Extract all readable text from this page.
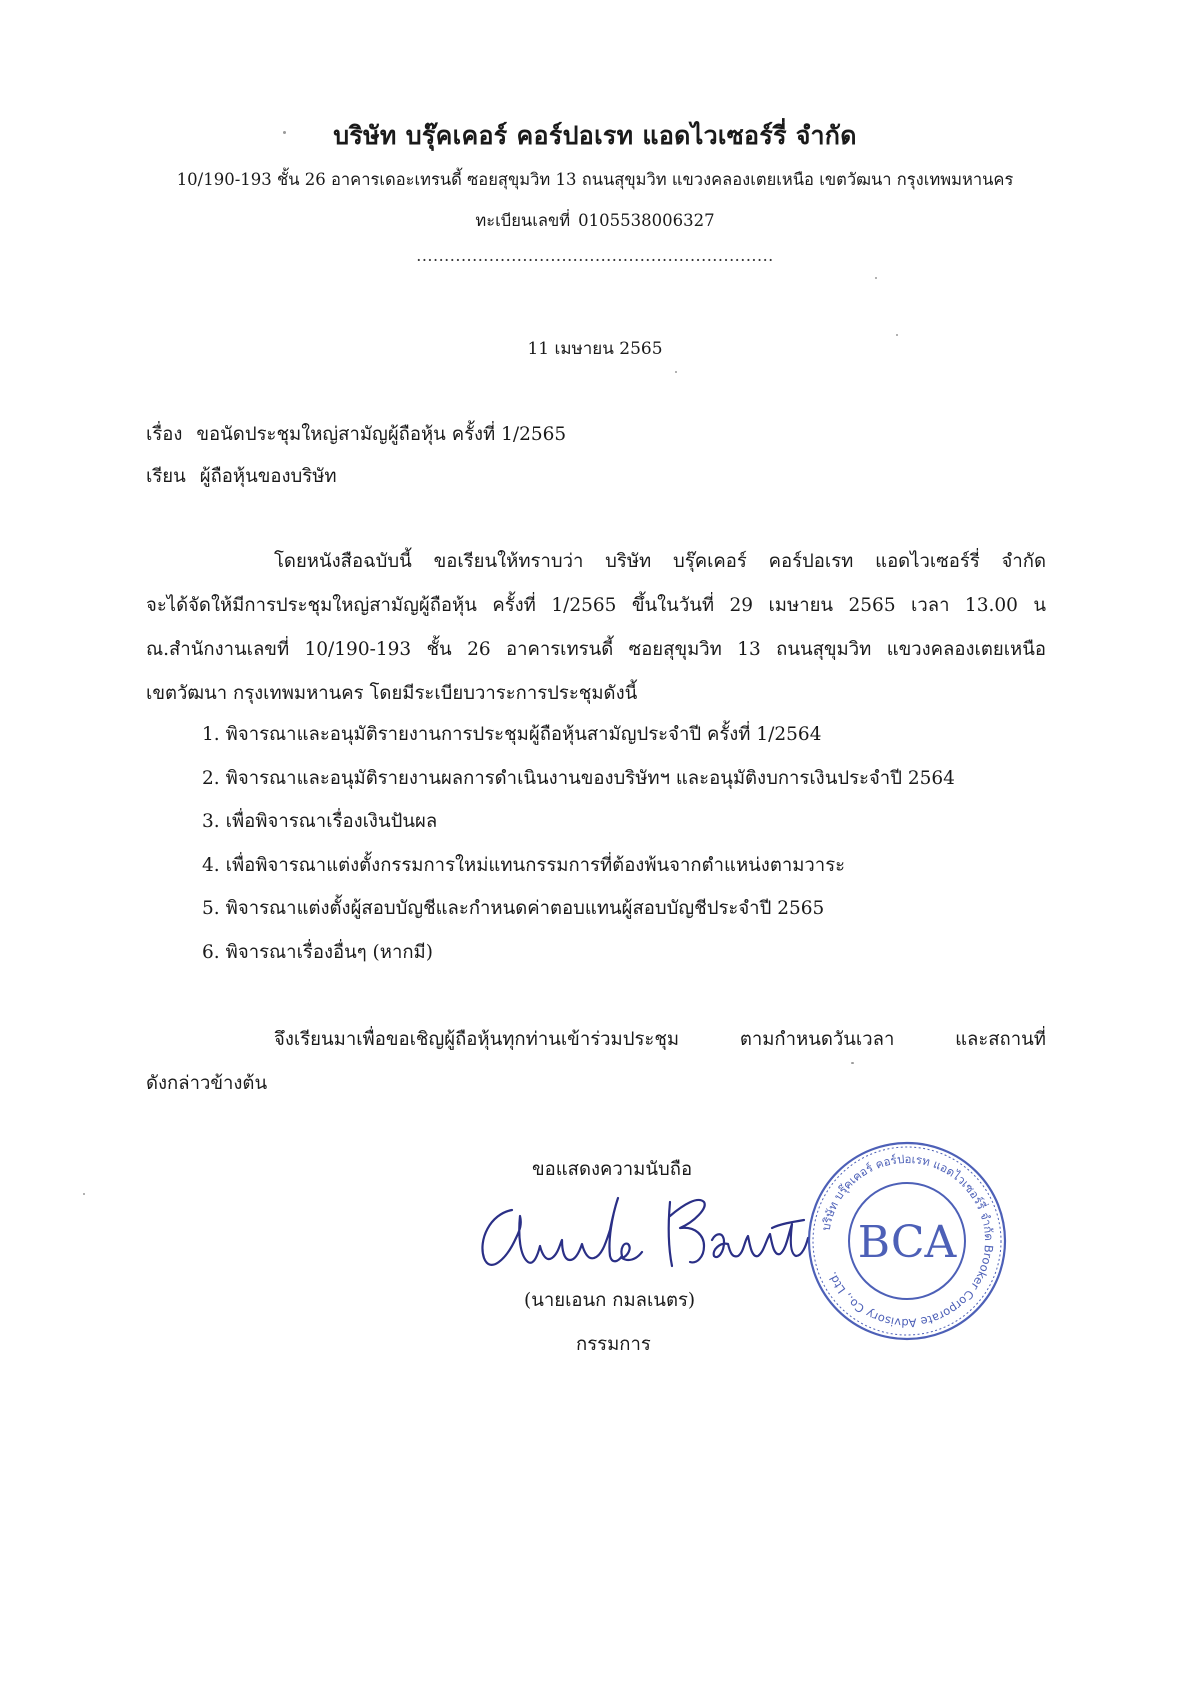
บริษัท บรุ๊คเคอร์ คอร์ปอเรท แอดไวเซอร์รี่ จำกัด
10/190-193 ชั้น 26 อาคารเดอะเทรนดี้ ซอยสุขุมวิท 13 ถนนสุขุมวิท แขวงคลองเตยเหนือ เขตวัฒนา กรุงเทพมหานคร
ทะเบียนเลขที่ 0105538006327
................................................................
11 เมษายน 2565
เรื่อง ขอนัดประชุมใหญ่สามัญผู้ถือหุ้น ครั้งที่ 1/2565
เรียน ผู้ถือหุ้นของบริษัท
โดยหนังสือฉบับนี้ ขอเรียนให้ทราบว่า บริษัท บรุ๊คเคอร์ คอร์ปอเรท แอดไวเซอร์รี่ จำกัด
จะได้จัดให้มีการประชุมใหญ่สามัญผู้ถือหุ้น ครั้งที่ 1/2565 ขึ้นในวันที่ 29 เมษายน 2565 เวลา 13.00 น
ณ.สำนักงานเลขที่ 10/190-193 ชั้น 26 อาคารเทรนดี้ ซอยสุขุมวิท 13 ถนนสุขุมวิท แขวงคลองเตยเหนือ
เขตวัฒนา กรุงเทพมหานคร โดยมีระเบียบวาระการประชุมดังนี้
1. พิจารณาและอนุมัติรายงานการประชุมผู้ถือหุ้นสามัญประจำปี ครั้งที่ 1/2564
2. พิจารณาและอนุมัติรายงานผลการดำเนินงานของบริษัทฯ และอนุมัติงบการเงินประจำปี 2564
3. เพื่อพิจารณาเรื่องเงินปันผล
4. เพื่อพิจารณาแต่งตั้งกรรมการใหม่แทนกรรมการที่ต้องพ้นจากตำแหน่งตามวาระ
5. พิจารณาแต่งตั้งผู้สอบบัญชีและกำหนดค่าตอบแทนผู้สอบบัญชีประจำปี 2565
6. พิจารณาเรื่องอื่นๆ (หากมี)
จึงเรียนมาเพื่อขอเชิญผู้ถือหุ้นทุกท่านเข้าร่วมประชุม ตามกำหนดวันเวลา และสถานที่
ดังกล่าวข้างต้น
ขอแสดงความนับถือ
(นายเอนก กมลเนตร)
กรรมการ
บริษัท บรุ๊คเคอร์ คอร์ปอเรท แอดไวเซอร์รี่ จำกัด Brooker Corporate Advisory Co., Ltd.
BCA
